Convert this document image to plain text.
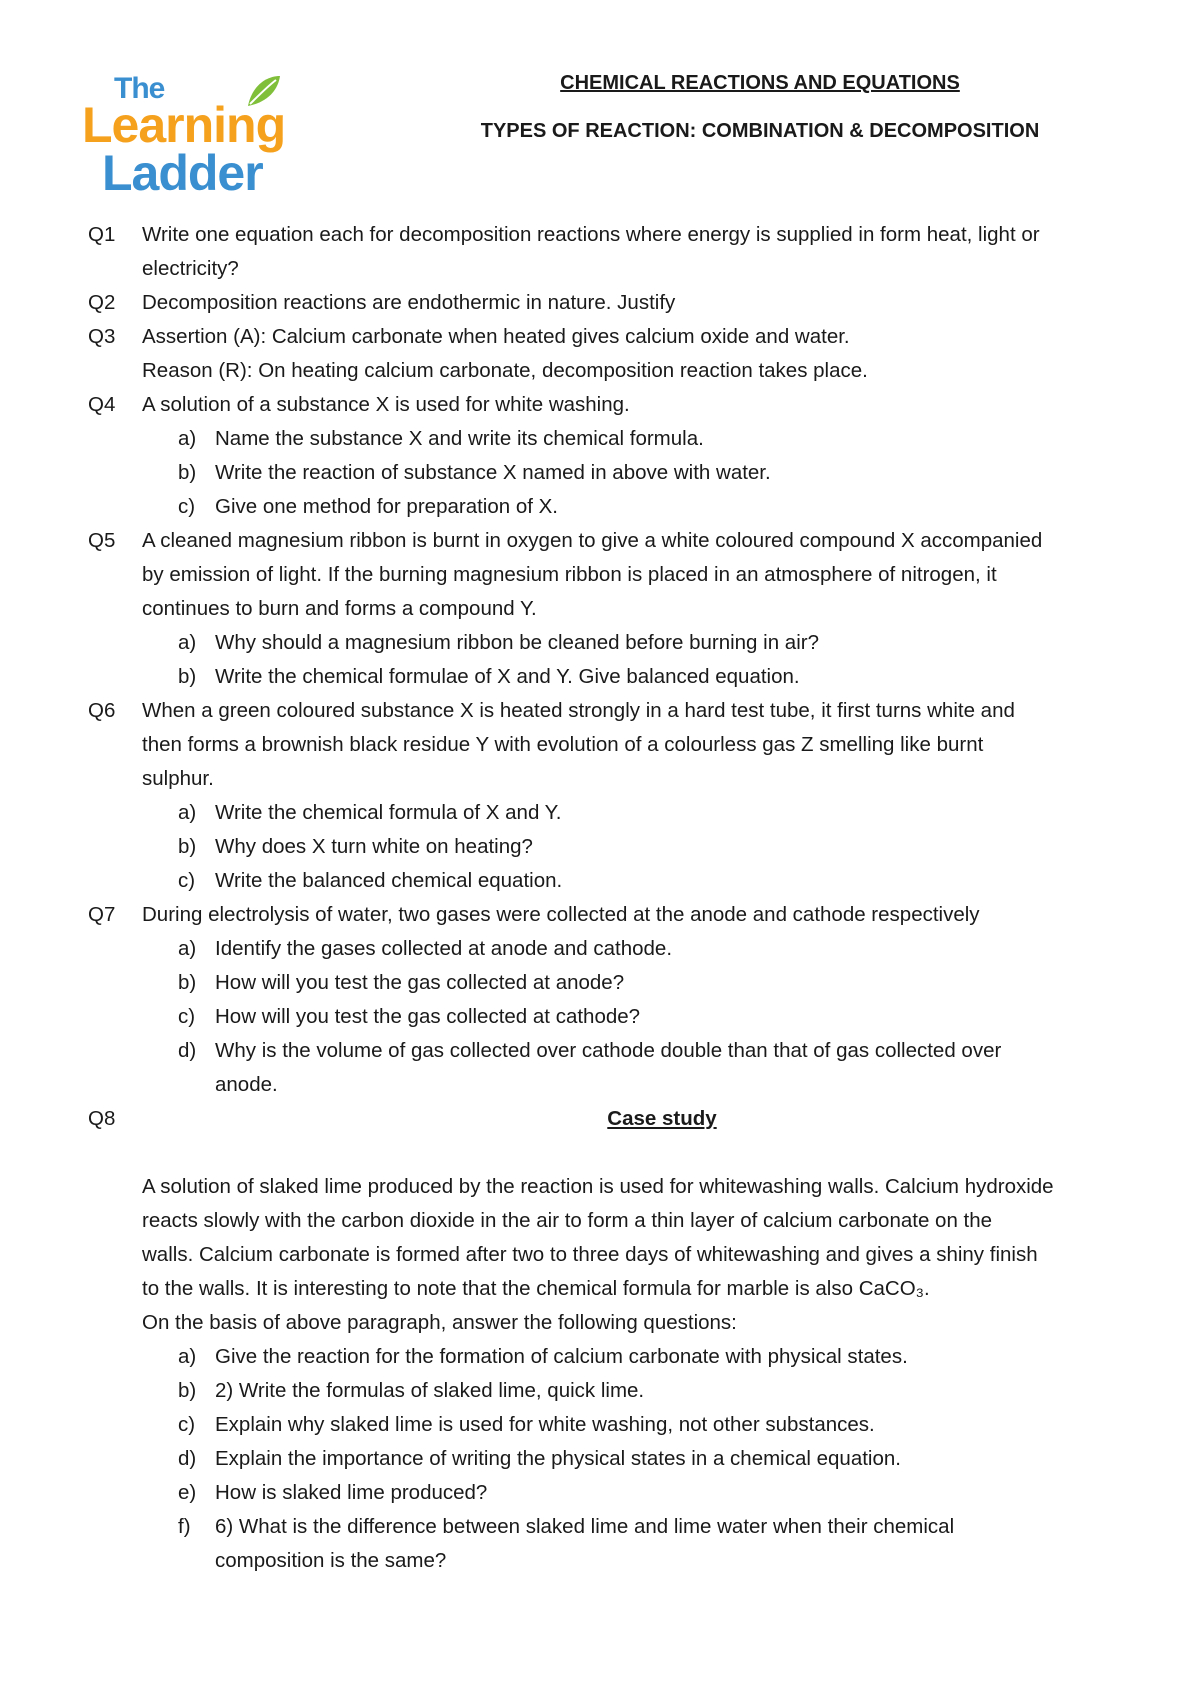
The
Learning
Ladder
CHEMICAL REACTIONS AND EQUATIONS
TYPES OF REACTION: COMBINATION & DECOMPOSITION
Q1 Write one equation each for decomposition reactions where energy is supplied in form heat, light or
electricity?
Q2 Decomposition reactions are endothermic in nature. Justify
Q3 Assertion (A): Calcium carbonate when heated gives calcium oxide and water.
Reason (R): On heating calcium carbonate, decomposition reaction takes place.
Q4 A solution of a substance X is used for white washing.
a) Name the substance X and write its chemical formula.
b) Write the reaction of substance X named in above with water.
c) Give one method for preparation of X.
Q5 A cleaned magnesium ribbon is burnt in oxygen to give a white coloured compound X accompanied
by emission of light. If the burning magnesium ribbon is placed in an atmosphere of nitrogen, it
continues to burn and forms a compound Y.
a) Why should a magnesium ribbon be cleaned before burning in air?
b) Write the chemical formulae of X and Y. Give balanced equation.
Q6 When a green coloured substance X is heated strongly in a hard test tube, it first turns white and
then forms a brownish black residue Y with evolution of a colourless gas Z smelling like burnt
sulphur.
a) Write the chemical formula of X and Y.
b) Why does X turn white on heating?
c) Write the balanced chemical equation.
Q7 During electrolysis of water, two gases were collected at the anode and cathode respectively
a) Identify the gases collected at anode and cathode.
b) How will you test the gas collected at anode?
c) How will you test the gas collected at cathode?
d) Why is the volume of gas collected over cathode double than that of gas collected over
anode.
Q8	Case study
A solution of slaked lime produced by the reaction is used for whitewashing walls. Calcium hydroxide
reacts slowly with the carbon dioxide in the air to form a thin layer of calcium carbonate on the
walls. Calcium carbonate is formed after two to three days of whitewashing and gives a shiny finish
to the walls. It is interesting to note that the chemical formula for marble is also CaCO₃.
On the basis of above paragraph, answer the following questions:
a) Give the reaction for the formation of calcium carbonate with physical states.
b) 2) Write the formulas of slaked lime, quick lime.
c) Explain why slaked lime is used for white washing, not other substances.
d) Explain the importance of writing the physical states in a chemical equation.
e) How is slaked lime produced?
f) 6) What is the difference between slaked lime and lime water when their chemical
composition is the same?
